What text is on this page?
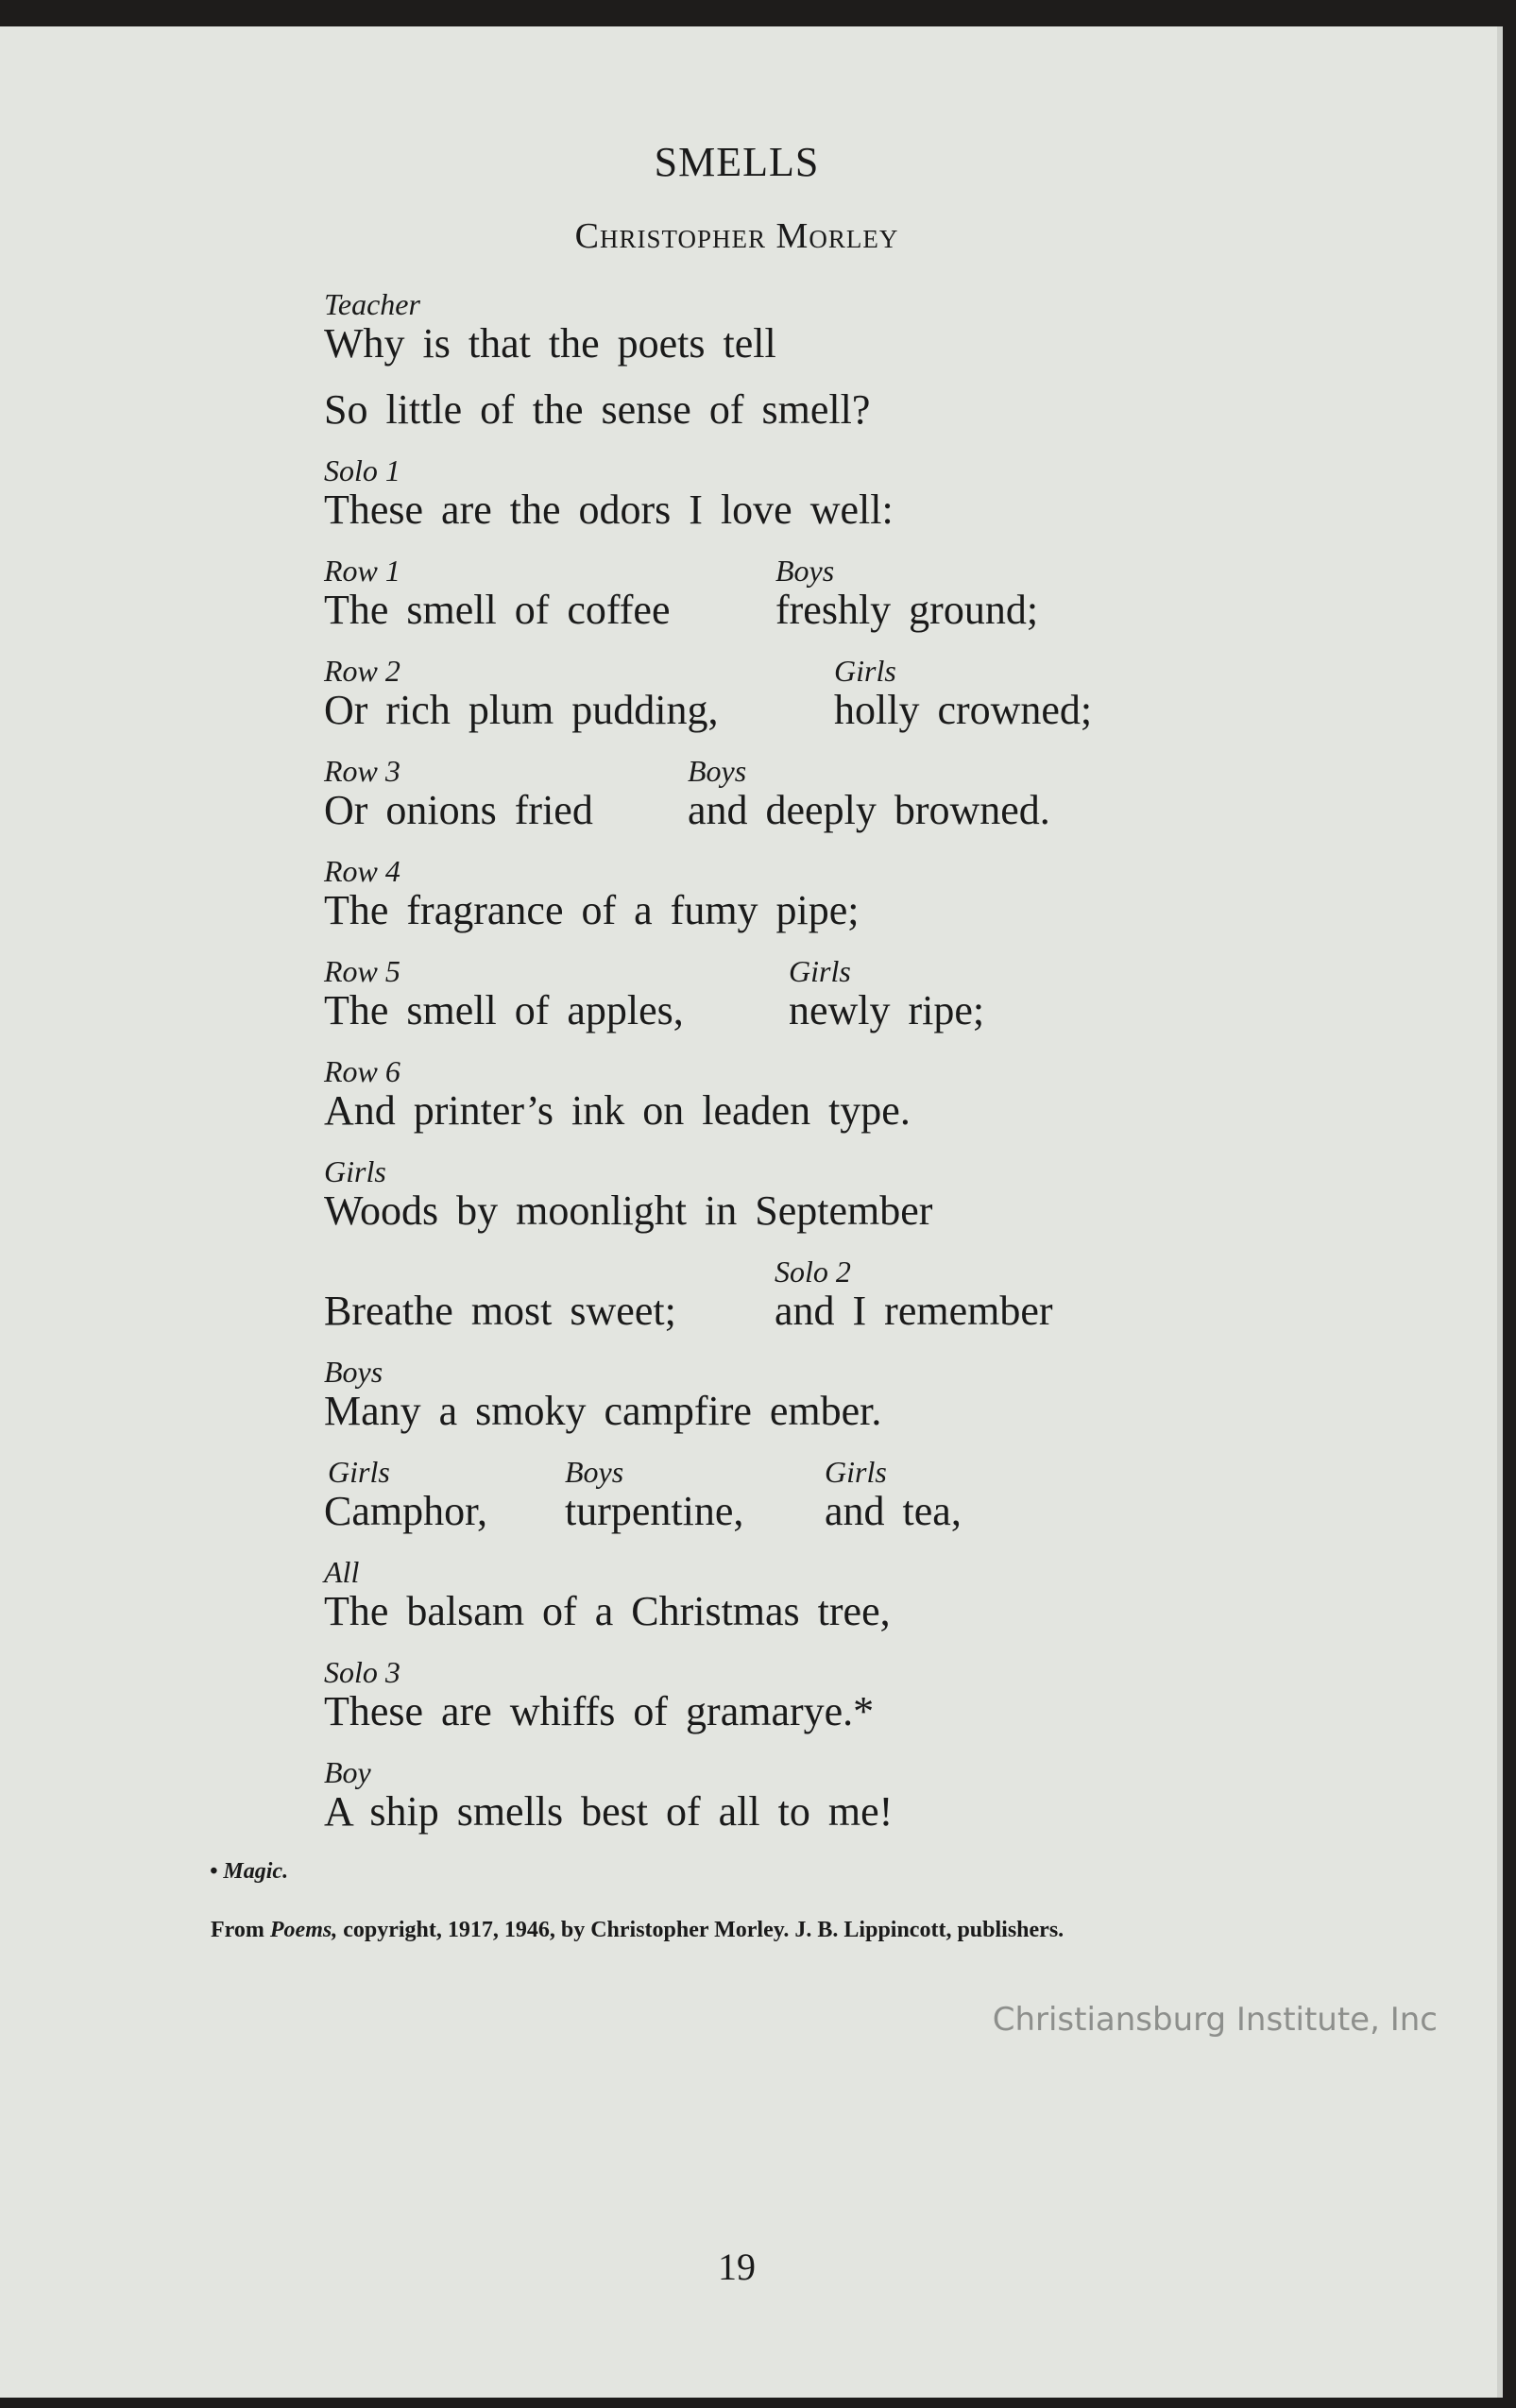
SMELLS
Christopher Morley
Teacher
Why is that the poets tell
So little of the sense of smell?
Solo 1
These are the odors I love well:
Row 1	Boys
The smell of coffee	freshly ground;
Row 2	Girls
Or rich plum pudding,	holly crowned;
Row 3	Boys
Or onions fried and deeply browned.
Row 4
The fragrance of a fumy pipe;
Row 5	Girls
The smell of apples,	newly ripe;
Row 6
And printer’s ink on leaden type.
Girls
Woods by moonlight in September
Solo 2
Breathe most sweet; and I remember
Boys
Many a smoky campfire ember.
Girls	Boys	Girls
Camphor, turpentine, and tea,
All
The balsam of a Christmas tree,
Solo 3
These are whiffs of gramarye.*
Boy
A ship smells best of all to me!
• Magic.
From Poems, copyright, 1917, 1946, by Christopher Morley. J. B. Lippincott, publishers.
19
Christiansburg Institute, Inc
